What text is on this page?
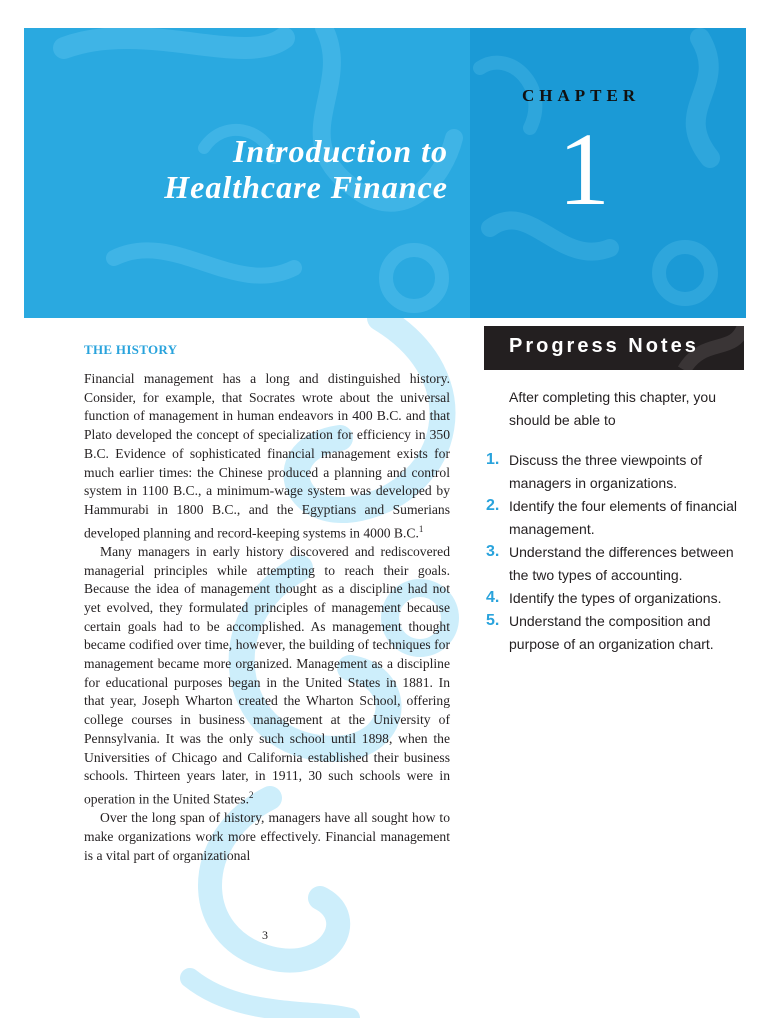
Introduction to
Healthcare Finance
CHAPTER
1
THE HISTORY

Financial management has a long and distinguished history. Consider, for example, that Socrates wrote about the universal function of management in human endeavors in 400 B.C. and that Plato developed the concept of specialization for efficiency in 350 B.C. Evidence of sophisticated financial management exists for much earlier times: the Chinese produced a planning and control system in 1100 B.C., a minimum-wage system was developed by Hammurabi in 1800 B.C., and the Egyptians and Sumerians developed planning and record-keeping systems in 4000 B.C.$^1$

Many managers in early history discovered and rediscovered managerial principles while attempting to reach their goals. Because the idea of management thought as a discipline had not yet evolved, they formulated principles of management because certain goals had to be accomplished. As management thought became codified over time, however, the building of techniques for management became more organized. Management as a discipline for educational purposes began in the United States in 1881. In that year, Joseph Wharton created the Wharton School, offering college courses in business management at the University of Pennsylvania. It was the only such school until 1898, when the Universities of Chicago and California established their business schools. Thirteen years later, in 1911, 30 such schools were in operation in the United States.$^2$

Over the long span of history, managers have all sought how to make organizations work more effectively. Financial management is a vital part of organizational

3
Progress Notes
After completing this chapter, you should be able to
1. Discuss the three viewpoints of managers in organizations.
2. Identify the four elements of financial management.
3. Understand the differences between the two types of accounting.
4. Identify the types of organizations.
5. Understand the composition and purpose of an organization chart.
